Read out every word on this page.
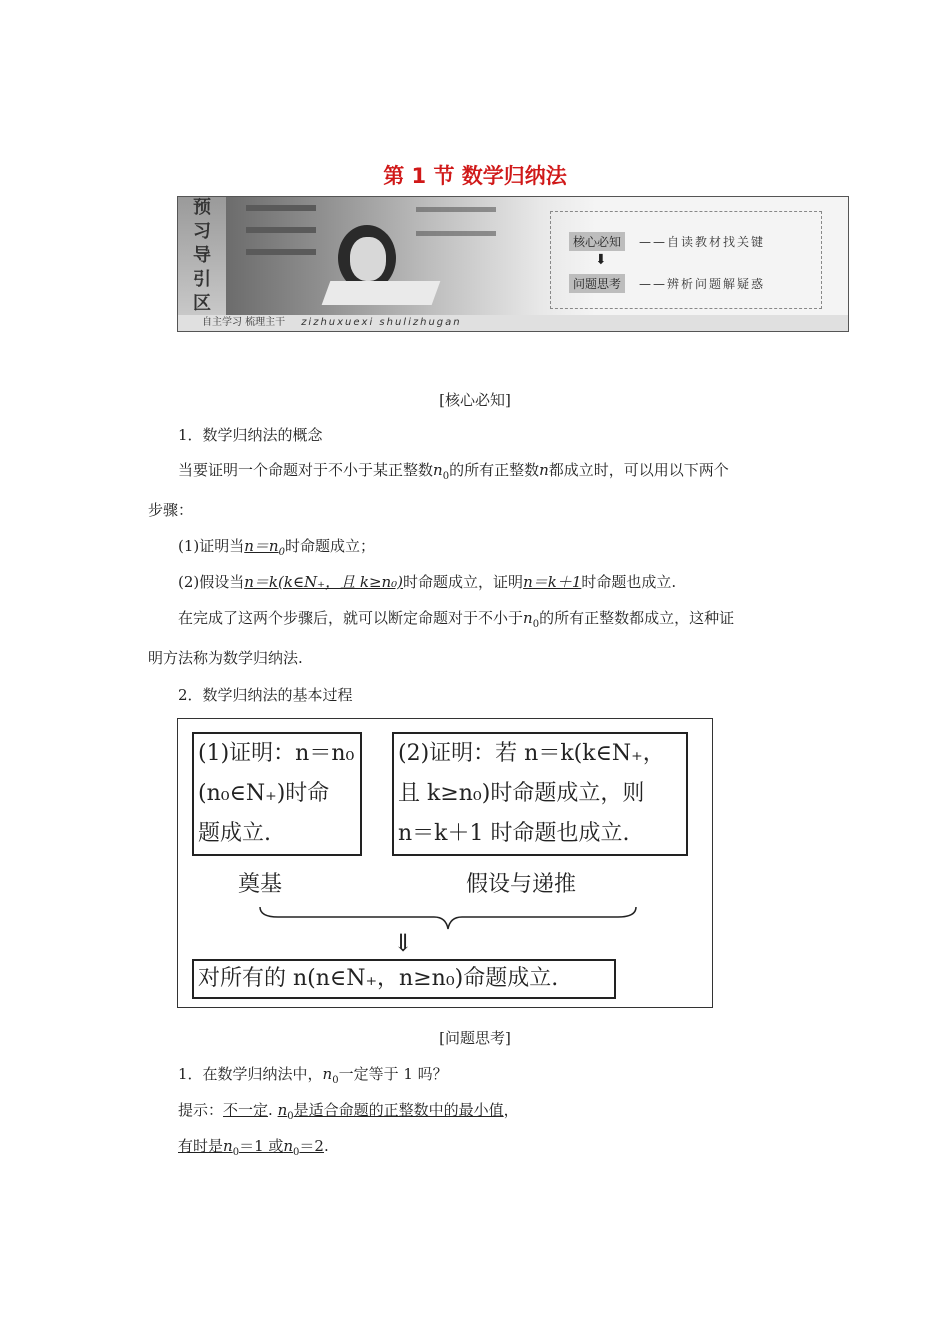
第 1 节 数学归纳法
预
习
导
引
区
核心必知	——自读教材找关键
⬇
问题思考	——辨析问题解疑惑
自主学习 梳理主干 zizhuxuexi shulizhugan
[核心必知]
1．数学归纳法的概念
当要证明一个命题对于不小于某正整数$n_0$的所有正整数n都成立时，可以用以下两个
步骤：
(1)证明当$n=n_0$时命题成立；
(2)假设当n＝k(k∈N₊，且 k≥n₀)时命题成立，证明n＝k＋1时命题也成立.
在完成了这两个步骤后，就可以断定命题对于不小于$n_0$的所有正整数都成立，这种证
明方法称为数学归纳法.
2．数学归纳法的基本过程
(1)证明：n＝n₀
(n₀∈N₊)时命
题成立.
(2)证明：若 n＝k(k∈N₊，
且 k≥n₀)时命题成立，则
n＝k＋1 时命题也成立.
奠基	假设与递推
⇓
对所有的 n(n∈N₊，n≥n₀)命题成立.
[问题思考]
1．在数学归纳法中，$n_0$一定等于 1 吗？
提示：不一定. $n_0$是适合命题的正整数中的最小值，
有时是$n_0=1$ 或$n_0=2$.
